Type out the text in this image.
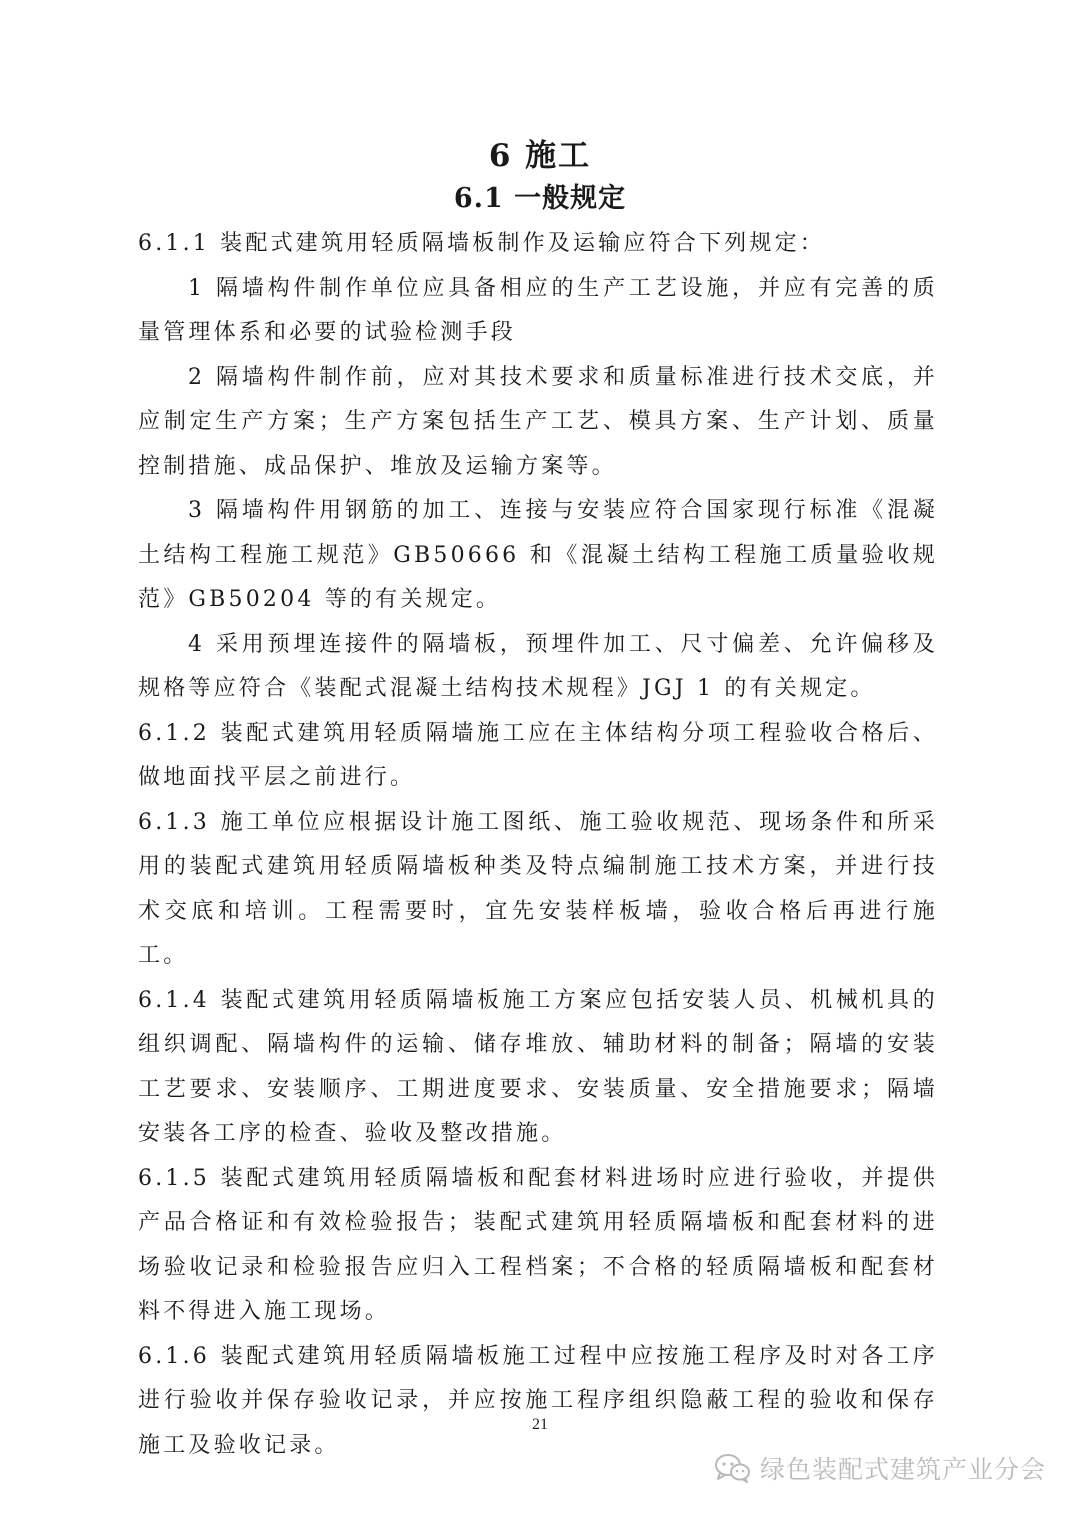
6 施工
6.1 一般规定

6.1.1 装配式建筑用轻质隔墙板制作及运输应符合下列规定：

1 隔墙构件制作单位应具备相应的生产工艺设施，并应有完善的质量管理体系和必要的试验检测手段

2 隔墙构件制作前，应对其技术要求和质量标准进行技术交底，并应制定生产方案；生产方案包括生产工艺、模具方案、生产计划、质量控制措施、成品保护、堆放及运输方案等。

3 隔墙构件用钢筋的加工、连接与安装应符合国家现行标准《混凝土结构工程施工规范》GB50666 和《混凝土结构工程施工质量验收规范》GB50204 等的有关规定。

4 采用预埋连接件的隔墙板，预埋件加工、尺寸偏差、允许偏移及规格等应符合《装配式混凝土结构技术规程》JGJ 1 的有关规定。

6.1.2 装配式建筑用轻质隔墙施工应在主体结构分项工程验收合格后、做地面找平层之前进行。

6.1.3 施工单位应根据设计施工图纸、施工验收规范、现场条件和所采用的装配式建筑用轻质隔墙板种类及特点编制施工技术方案，并进行技术交底和培训。工程需要时，宜先安装样板墙，验收合格后再进行施工。

6.1.4 装配式建筑用轻质隔墙板施工方案应包括安装人员、机械机具的组织调配、隔墙构件的运输、储存堆放、辅助材料的制备；隔墙的安装工艺要求、安装顺序、工期进度要求、安装质量、安全措施要求；隔墙安装各工序的检查、验收及整改措施。

6.1.5 装配式建筑用轻质隔墙板和配套材料进场时应进行验收，并提供产品合格证和有效检验报告；装配式建筑用轻质隔墙板和配套材料的进场验收记录和检验报告应归入工程档案；不合格的轻质隔墙板和配套材料不得进入施工现场。

6.1.6 装配式建筑用轻质隔墙板施工过程中应按施工程序及时对各工序进行验收并保存验收记录，并应按施工程序组织隐蔽工程的验收和保存施工及验收记录。

21
绿色装配式建筑产业分会
